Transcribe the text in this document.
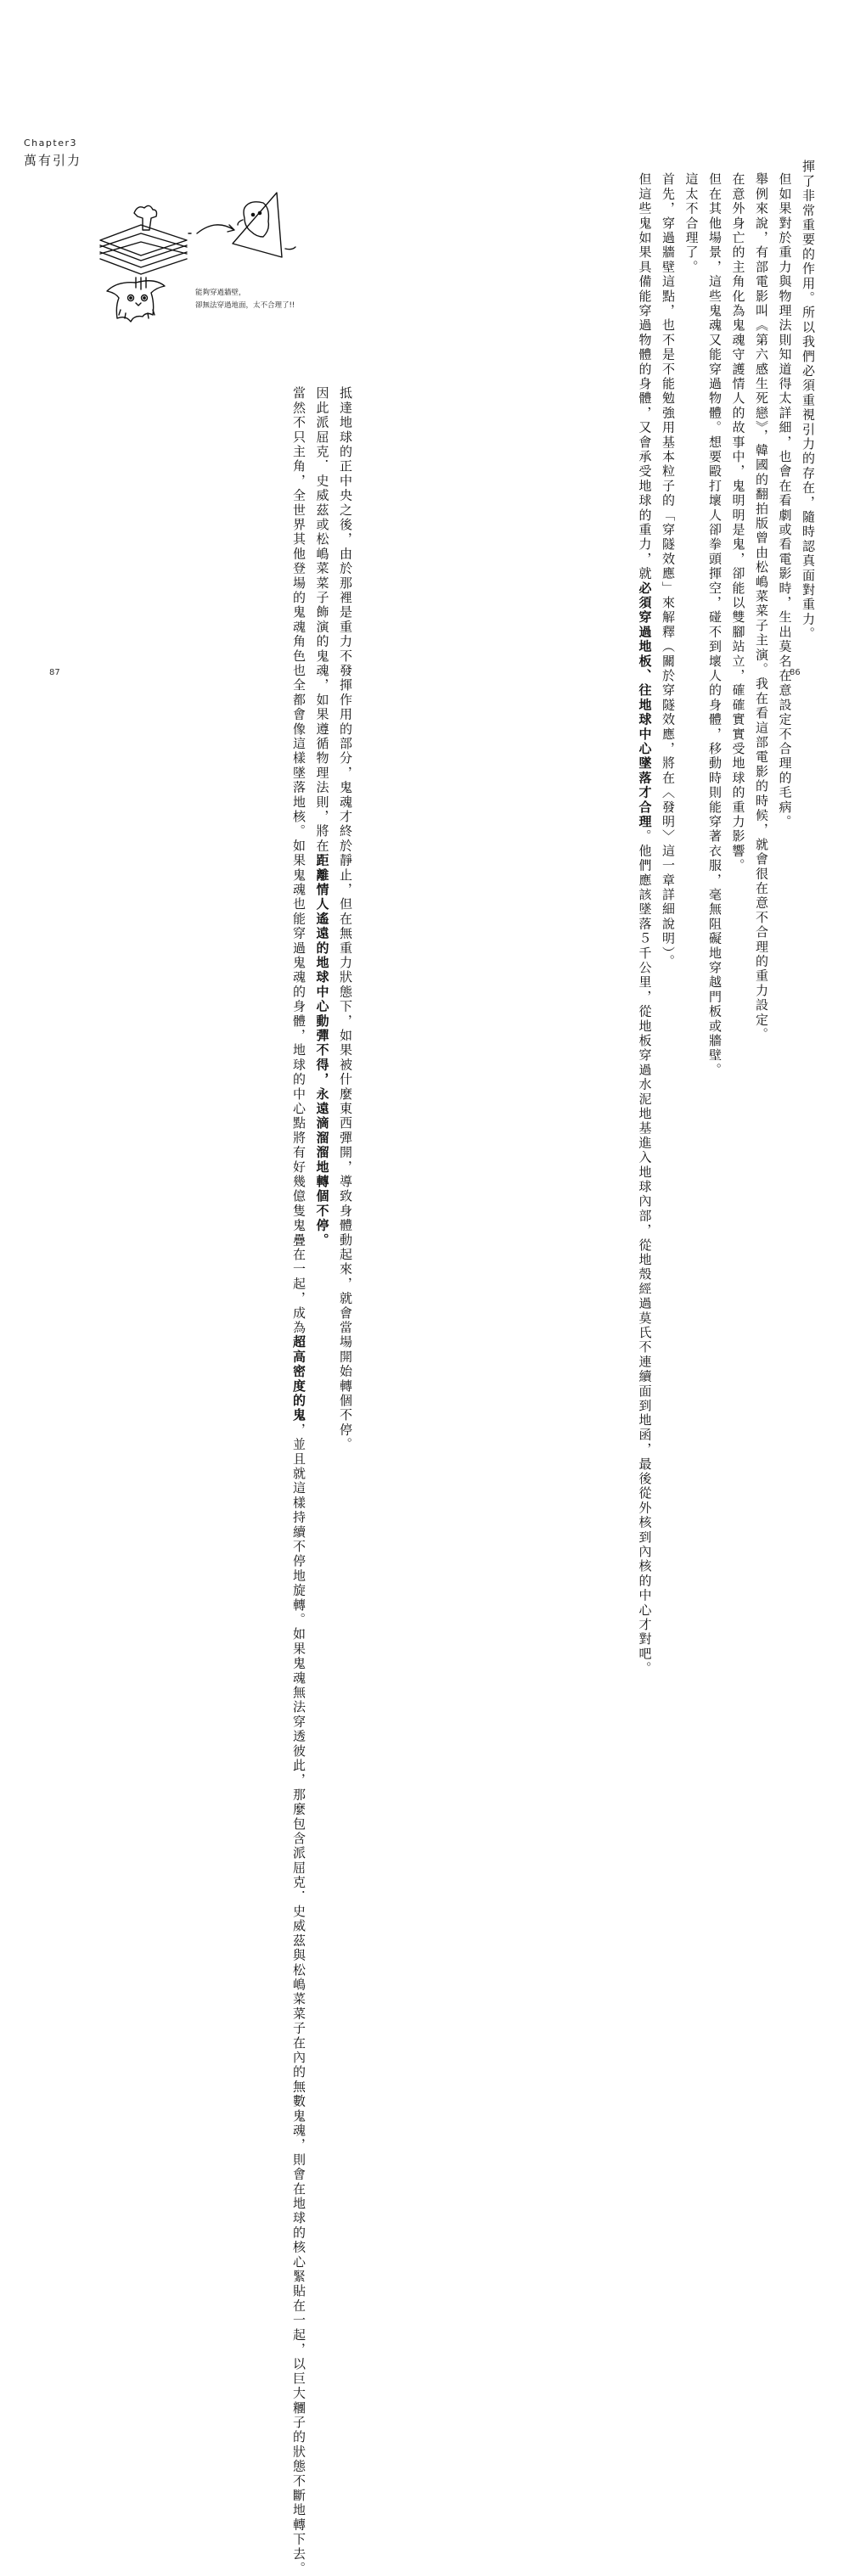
Chapter3
萬有引力
能夠穿過牆壁，
卻無法穿過地面，太不合理了!!
抵達地球的正中央之後，由於那裡是重力不發揮作用的部分，鬼魂才終於靜止，但在無重力狀態下，如果被什麼東西彈開，導致身體動起來，就會當場開始轉個不停。
因此派屈克．史威茲或松嶋菜菜子飾演的鬼魂，如果遵循物理法則，將在距離情人遙遠的地球中心動彈不得，永遠滴溜溜地轉個不停。
當然不只主角，全世界其他登場的鬼魂角色也全都會像這樣墜落地核。如果鬼魂也能穿過鬼魂的身體，地球的中心點將有好幾億隻鬼疊在一起，成為超高密度的鬼，並且就這樣持續不停地旋轉。如果鬼魂無法穿透彼此，那麼包含派屈克．史威茲與松嶋菜菜子在內的無數鬼魂，則會在地球的核心緊貼在一起，以巨大糰子的狀態不斷地轉下去。
揮了非常重要的作用。所以我們必須重視引力的存在，隨時認真面對重力。
但如果對於重力與物理法則知道得太詳細，也會在看劇或看電影時，生出莫名在意設定不合理的毛病。
舉例來說，有部電影叫《第六感生死戀》，韓國的翻拍版曾由松嶋菜菜子主演。我在看這部電影的時候，就會很在意不合理的重力設定。
在意外身亡的主角化為鬼魂守護情人的故事中，鬼明明是鬼，卻能以雙腳站立，確確實實受地球的重力影響。
但在其他場景，這些鬼魂又能穿過物體。想要毆打壞人卻拳頭揮空，碰不到壞人的身體，移動時則能穿著衣服，毫無阻礙地穿越門板或牆壁。
這太不合理了。
首先，穿過牆壁這點，也不是不能勉強用基本粒子的「穿隧效應」來解釋（關於穿隧效應，將在〈發明〉這一章詳細說明）。
但這些鬼如果具備能穿過物體的身體，又會承受地球的重力，就必須穿過地板、往地球中心墜落才合理。他們應該墜落５千公里，從地板穿過水泥地基進入地球內部，從地殼經過莫氏不連續面到地函，最後從外核到內核的中心才對吧。
87	86
